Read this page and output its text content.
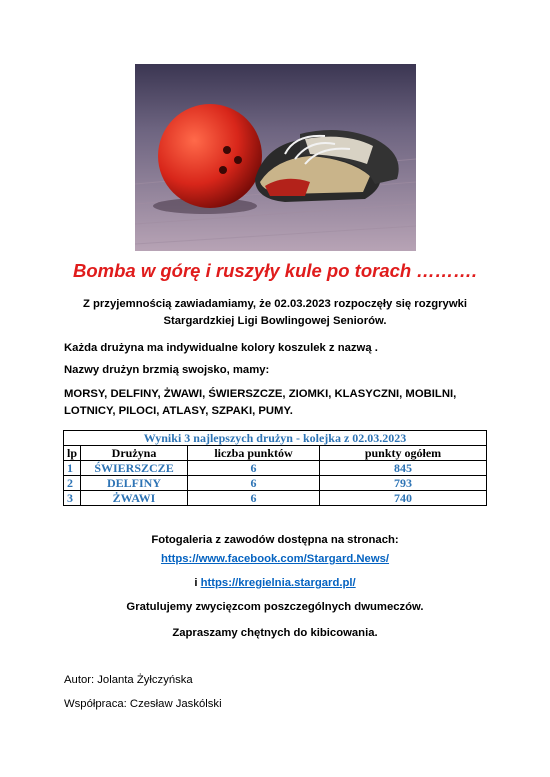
Bomba w górę i ruszyły kule po torach ……….
Z przyjemnością zawiadamiamy, że 02.03.2023 rozpoczęły się rozgrywki
Stargardzkiej Ligi Bowlingowej Seniorów.
Każda drużyna ma indywidualne kolory koszulek z nazwą .
Nazwy drużyn brzmią swojsko, mamy:
MORSY, DELFINY, ŻWAWI, ŚWIERSZCZE, ZIOMKI, KLASYCZNI, MOBILNI,
LOTNICY, PILOCI, ATLASY, SZPAKI, PUMY.
Wyniki 3 najlepszych drużyn - kolejka z 02.03.2023			
lp	Drużyna	liczba punktów	punkty ogółem
1	ŚWIERSZCZE	6	845
2	DELFINY	6	793
3	ŻWAWI	6	740
Fotogaleria z zawodów dostępna na stronach:
https://www.facebook.com/Stargard.News/
i https://kregielnia.stargard.pl/
Gratulujemy zwycięzcom poszczególnych dwumeczów.
Zapraszamy chętnych do kibicowania.
Autor: Jolanta Żyłczyńska
Współpraca: Czesław Jaskólski
